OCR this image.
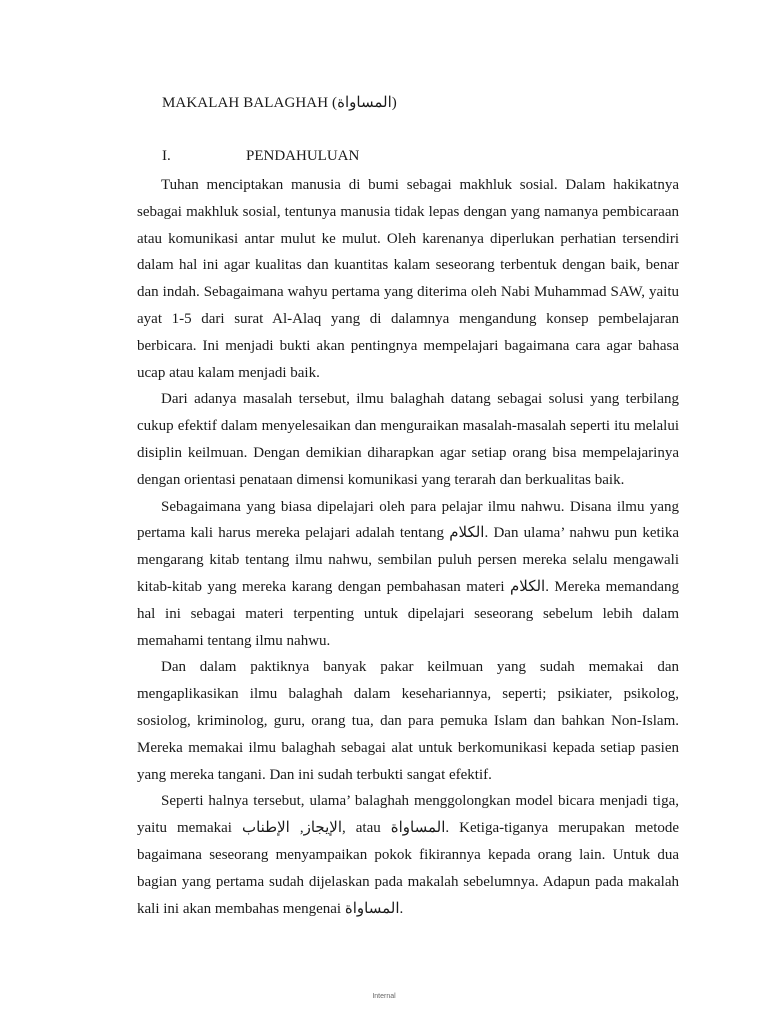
MAKALAH BALAGHAH (المساواة)
I.	PENDAHULUAN

Tuhan menciptakan manusia di bumi sebagai makhluk sosial. Dalam hakikatnya sebagai makhluk sosial, tentunya manusia tidak lepas dengan yang namanya pembicaraan atau komunikasi antar mulut ke mulut. Oleh karenanya diperlukan perhatian tersendiri dalam hal ini agar kualitas dan kuantitas kalam seseorang terbentuk dengan baik, benar dan indah. Sebagaimana wahyu pertama yang diterima oleh Nabi Muhammad SAW, yaitu ayat 1-5 dari surat Al-Alaq yang di dalamnya mengandung konsep pembelajaran berbicara. Ini menjadi bukti akan pentingnya mempelajari bagaimana cara agar bahasa ucap atau kalam menjadi baik.

Dari adanya masalah tersebut, ilmu balaghah datang sebagai solusi yang terbilang cukup efektif dalam menyelesaikan dan menguraikan masalah-masalah seperti itu melalui disiplin keilmuan. Dengan demikian diharapkan agar setiap orang bisa mempelajarinya dengan orientasi penataan dimensi komunikasi yang terarah dan berkualitas baik.

Sebagaimana yang biasa dipelajari oleh para pelajar ilmu nahwu. Disana ilmu yang pertama kali harus mereka pelajari adalah tentang الكلام. Dan ulama’ nahwu pun ketika mengarang kitab tentang ilmu nahwu, sembilan puluh persen mereka selalu mengawali kitab-kitab yang mereka karang dengan pembahasan materi الكلام. Mereka memandang hal ini sebagai materi terpenting untuk dipelajari seseorang sebelum lebih dalam memahami tentang ilmu nahwu.

Dan dalam paktiknya banyak pakar keilmuan yang sudah memakai dan mengaplikasikan ilmu balaghah dalam kesehariannya, seperti; psikiater, psikolog, sosiolog, kriminolog, guru, orang tua, dan para pemuka Islam dan bahkan Non-Islam. Mereka memakai ilmu balaghah sebagai alat untuk berkomunikasi kepada setiap pasien yang mereka tangani. Dan ini sudah terbukti sangat efektif.

Seperti halnya tersebut, ulama’ balaghah menggolongkan model bicara menjadi tiga, yaitu memakai الإيجاز, الإطناب, atau المساواة. Ketiga-tiganya merupakan metode bagaimana seseorang menyampaikan pokok fikirannya kepada orang lain. Untuk dua bagian yang pertama sudah dijelaskan pada makalah sebelumnya. Adapun pada makalah kali ini akan membahas mengenai المساواة.

Internal
